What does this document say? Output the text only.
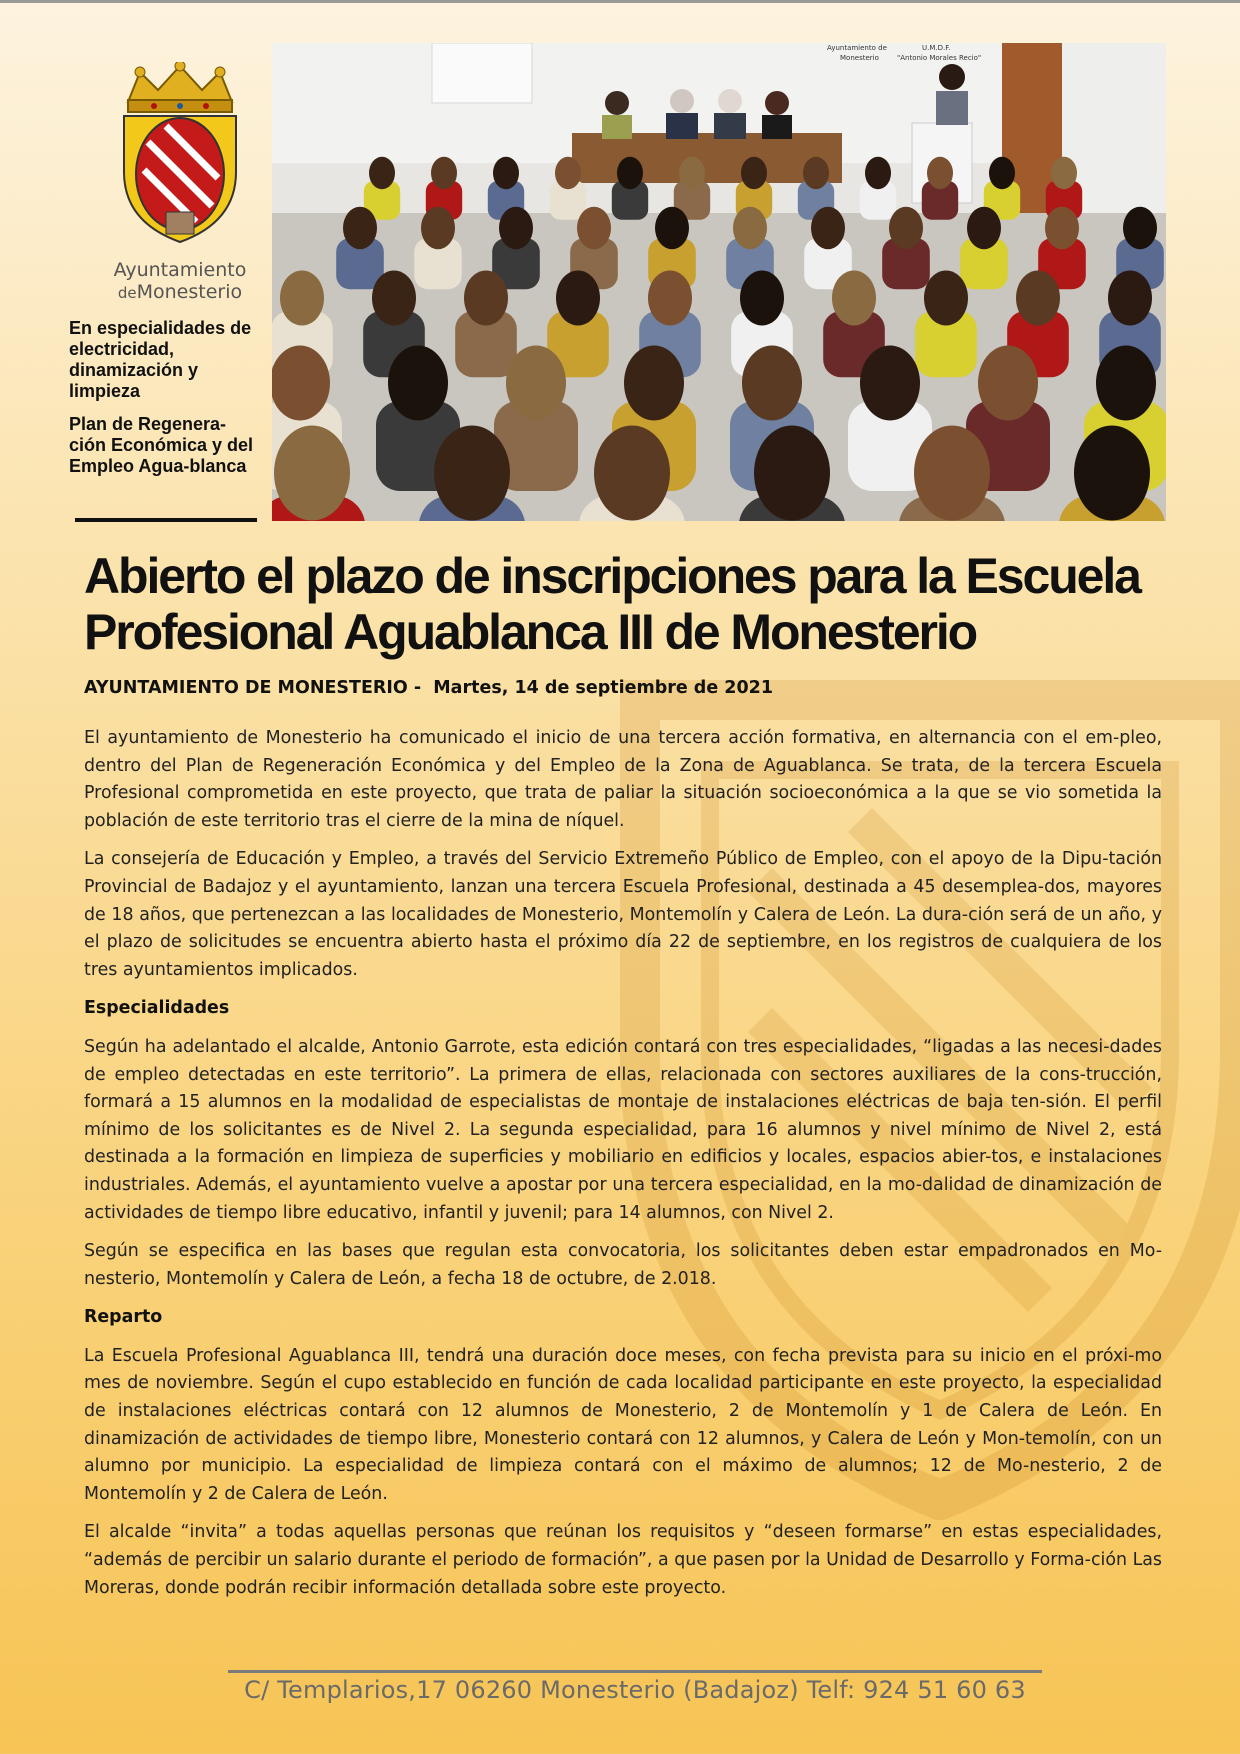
Ayuntamiento
deMonesterio

En especialidades de electricidad, dinamización y limpieza

Plan de Regenera-ción Económica y del Empleo Agua-blanca

Ayuntamiento de
Monesterio
U.M.D.F.
"Antonio Morales Recio"
Abierto el plazo de inscripciones para la Escuela Profesional Aguablanca III de Monesterio
AYUNTAMIENTO DE MONESTERIO - Martes, 14 de septiembre de 2021

El ayuntamiento de Monesterio ha comunicado el inicio de una tercera acción formativa, en alternancia con el em-pleo, dentro del Plan de Regeneración Económica y del Empleo de la Zona de Aguablanca. Se trata, de la tercera Escuela Profesional comprometida en este proyecto, que trata de paliar la situación socioeconómica a la que se vio sometida la población de este territorio tras el cierre de la mina de níquel.

La consejería de Educación y Empleo, a través del Servicio Extremeño Público de Empleo, con el apoyo de la Dipu-tación Provincial de Badajoz y el ayuntamiento, lanzan una tercera Escuela Profesional, destinada a 45 desemplea-dos, mayores de 18 años, que pertenezcan a las localidades de Monesterio, Montemolín y Calera de León. La dura-ción será de un año, y el plazo de solicitudes se encuentra abierto hasta el próximo día 22 de septiembre, en los registros de cualquiera de los tres ayuntamientos implicados.

Especialidades

Según ha adelantado el alcalde, Antonio Garrote, esta edición contará con tres especialidades, “ligadas a las necesi-dades de empleo detectadas en este territorio”. La primera de ellas, relacionada con sectores auxiliares de la cons-trucción, formará a 15 alumnos en la modalidad de especialistas de montaje de instalaciones eléctricas de baja ten-sión. El perfil mínimo de los solicitantes es de Nivel 2. La segunda especialidad, para 16 alumnos y nivel mínimo de Nivel 2, está destinada a la formación en limpieza de superficies y mobiliario en edificios y locales, espacios abier-tos, e instalaciones industriales. Además, el ayuntamiento vuelve a apostar por una tercera especialidad, en la mo-dalidad de dinamización de actividades de tiempo libre educativo, infantil y juvenil; para 14 alumnos, con Nivel 2.

Según se especifica en las bases que regulan esta convocatoria, los solicitantes deben estar empadronados en Mo-nesterio, Montemolín y Calera de León, a fecha 18 de octubre, de 2.018.

Reparto

La Escuela Profesional Aguablanca III, tendrá una duración doce meses, con fecha prevista para su inicio en el próxi-mo mes de noviembre. Según el cupo establecido en función de cada localidad participante en este proyecto, la especialidad de instalaciones eléctricas contará con 12 alumnos de Monesterio, 2 de Montemolín y 1 de Calera de León. En dinamización de actividades de tiempo libre, Monesterio contará con 12 alumnos, y Calera de León y Mon-temolín, con un alumno por municipio. La especialidad de limpieza contará con el máximo de alumnos; 12 de Mo-nesterio, 2 de Montemolín y 2 de Calera de León.

El alcalde “invita” a todas aquellas personas que reúnan los requisitos y “deseen formarse” en estas especialidades, “además de percibir un salario durante el periodo de formación”, a que pasen por la Unidad de Desarrollo y Forma-ción Las Moreras, donde podrán recibir información detallada sobre este proyecto.

C/ Templarios,17 06260 Monesterio (Badajoz) Telf: 924 51 60 63
